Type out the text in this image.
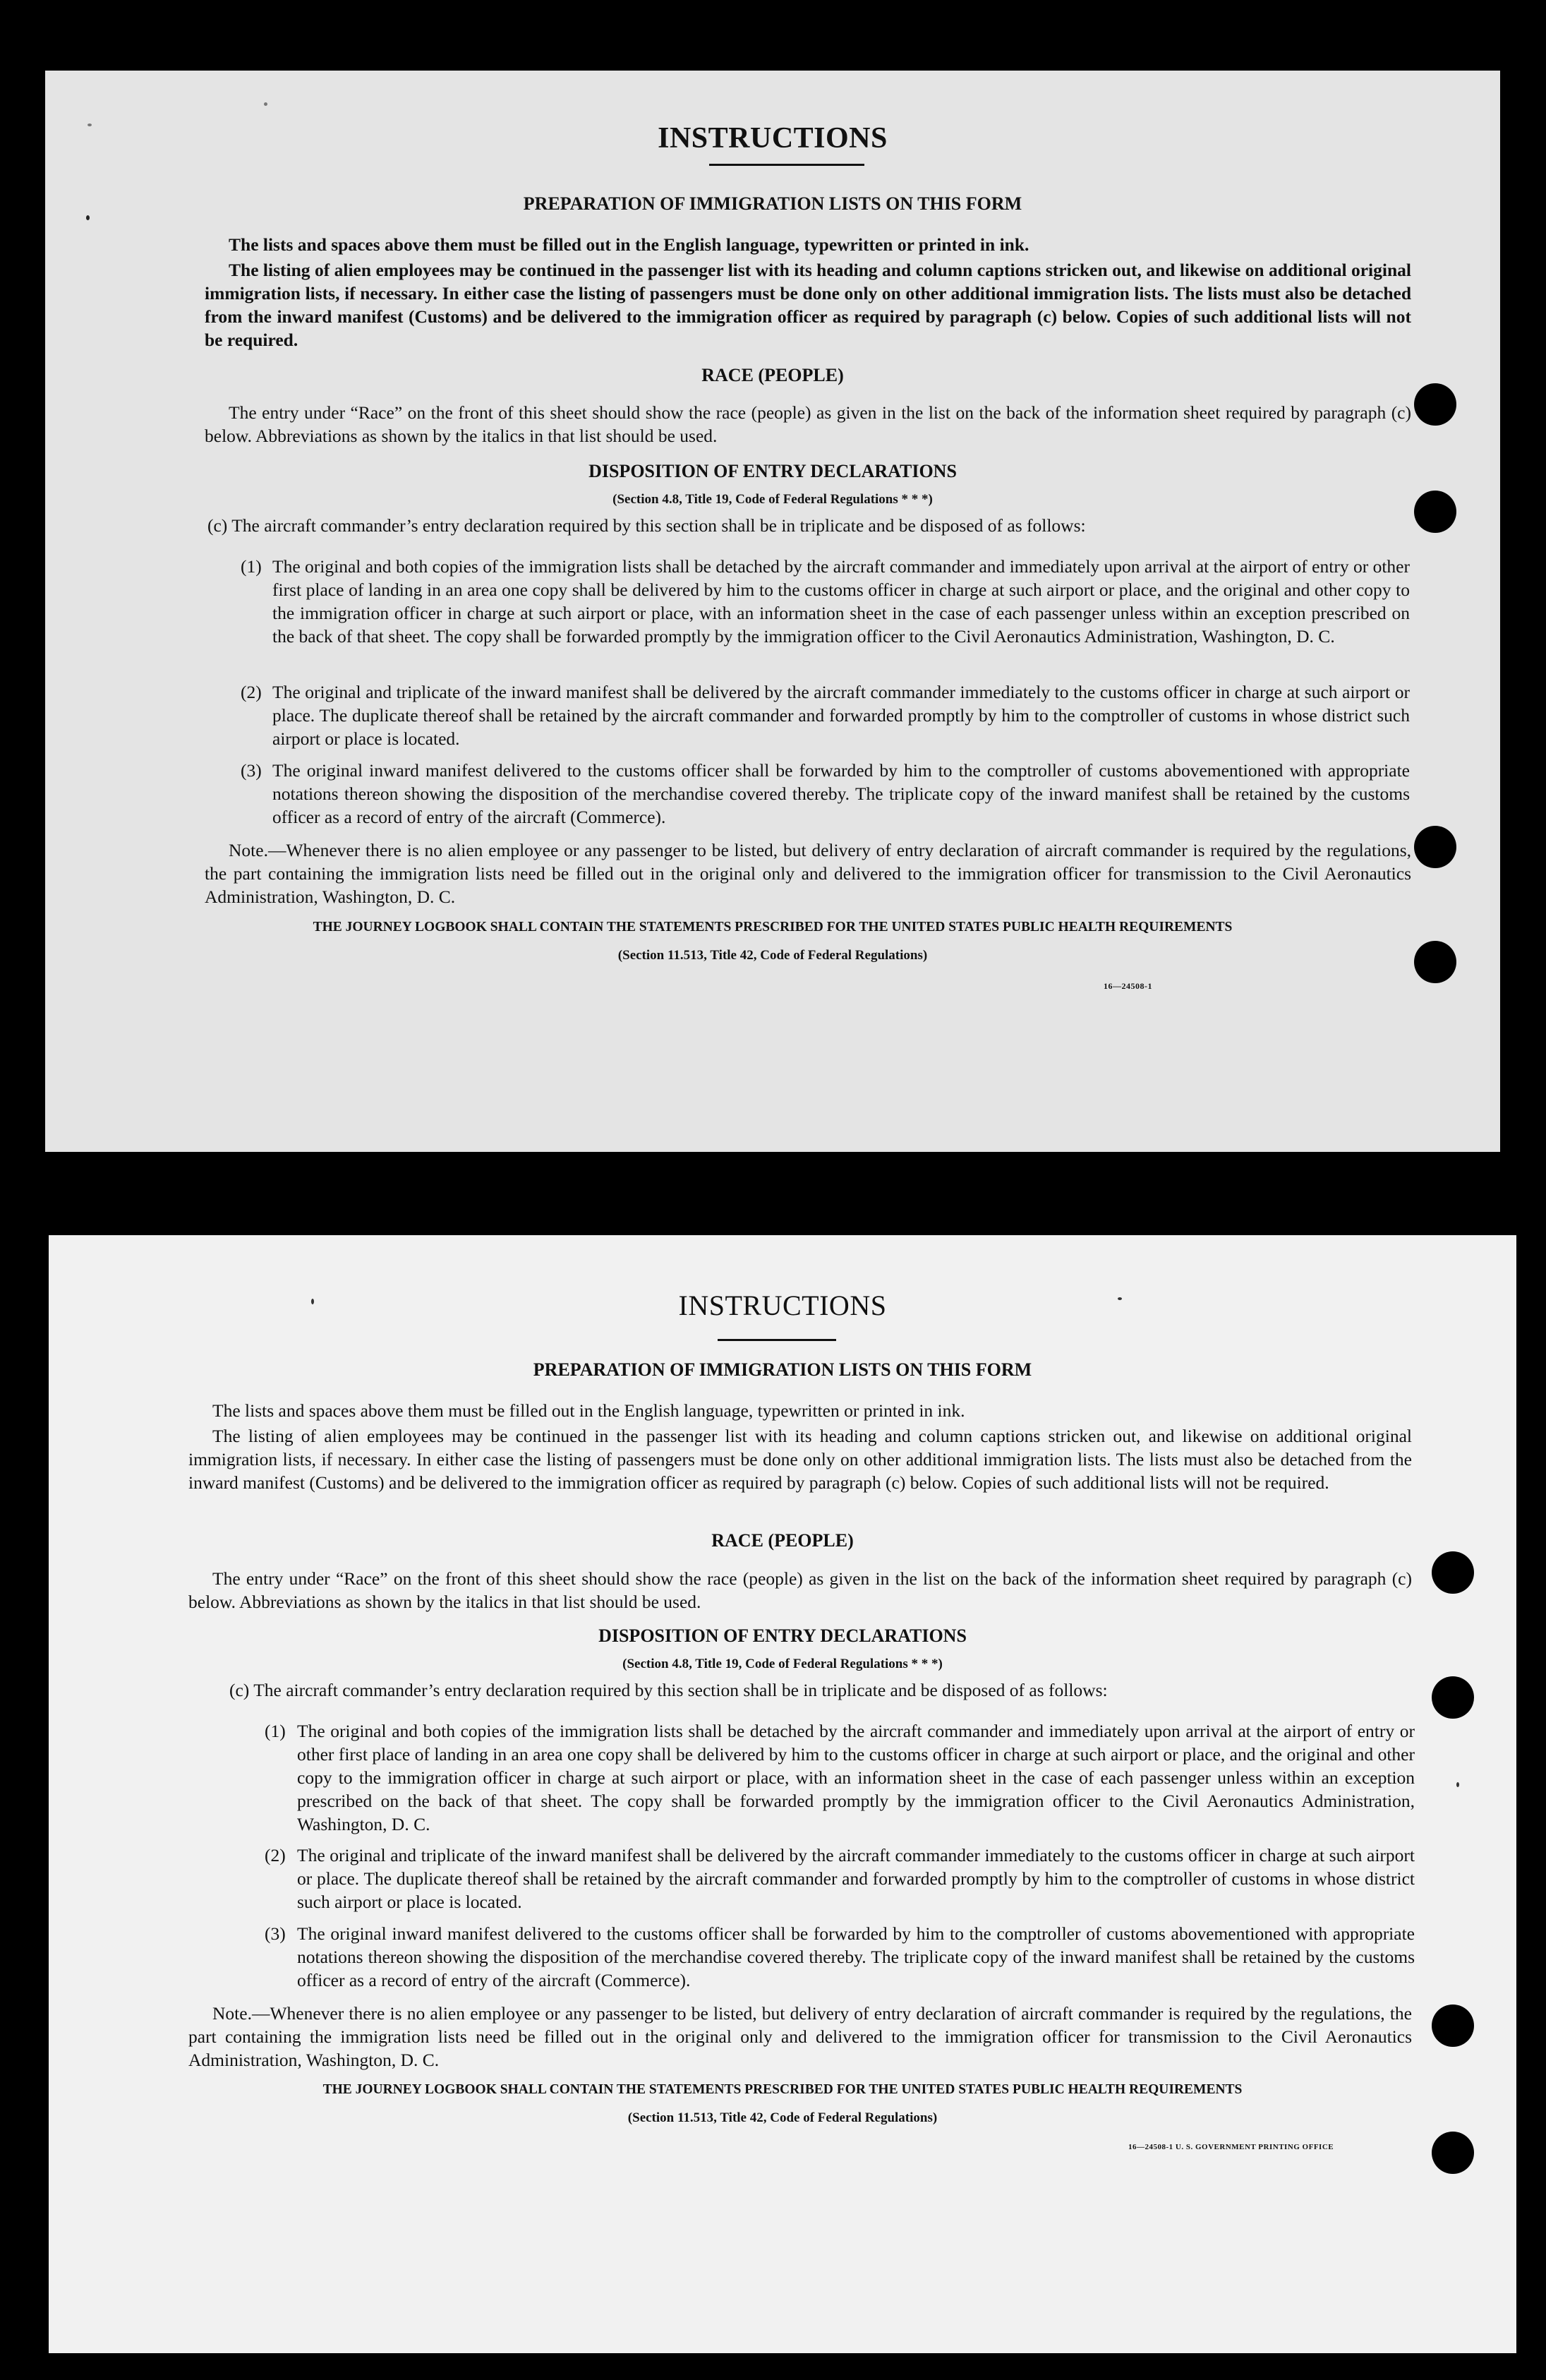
INSTRUCTIONS
PREPARATION OF IMMIGRATION LISTS ON THIS FORM

The lists and spaces above them must be filled out in the English language, typewritten or printed in ink.

The listing of alien employees may be continued in the passenger list with its heading and column captions stricken out, and likewise on additional original immigration lists, if necessary. In either case the listing of passengers must be done only on other additional immigration lists. The lists must also be detached from the inward manifest (Customs) and be delivered to the immigration officer as required by paragraph (c) below. Copies of such additional lists will not be required.

RACE (PEOPLE)

The entry under “Race” on the front of this sheet should show the race (people) as given in the list on the back of the information sheet required by paragraph (c) below. Abbreviations as shown by the italics in that list should be used.

DISPOSITION OF ENTRY DECLARATIONS
(Section 4.8, Title 19, Code of Federal Regulations * * *)

(c) The aircraft commander’s entry declaration required by this section shall be in triplicate and be disposed of as follows:

(1) The original and both copies of the immigration lists shall be detached by the aircraft commander and immediately upon arrival at the airport of entry or other first place of landing in an area one copy shall be delivered by him to the customs officer in charge at such airport or place, and the original and other copy to the immigration officer in charge at such airport or place, with an information sheet in the case of each passenger unless within an exception prescribed on the back of that sheet. The copy shall be forwarded promptly by the immigration officer to the Civil Aeronautics Administration, Washington, D. C.

(2) The original and triplicate of the inward manifest shall be delivered by the aircraft commander immediately to the customs officer in charge at such airport or place. The duplicate thereof shall be retained by the aircraft commander and forwarded promptly by him to the comptroller of customs in whose district such airport or place is located.

(3) The original inward manifest delivered to the customs officer shall be forwarded by him to the comptroller of customs abovementioned with appropriate notations thereon showing the disposition of the merchandise covered thereby. The triplicate copy of the inward manifest shall be retained by the customs officer as a record of entry of the aircraft (Commerce).

Note.—Whenever there is no alien employee or any passenger to be listed, but delivery of entry declaration of aircraft commander is required by the regulations, the part containing the immigration lists need be filled out in the original only and delivered to the immigration officer for transmission to the Civil Aeronautics Administration, Washington, D. C.

THE JOURNEY LOGBOOK SHALL CONTAIN THE STATEMENTS PRESCRIBED FOR THE UNITED STATES PUBLIC HEALTH REQUIREMENTS
(Section 11.513, Title 42, Code of Federal Regulations)
16—24508-1
INSTRUCTIONS
PREPARATION OF IMMIGRATION LISTS ON THIS FORM

The lists and spaces above them must be filled out in the English language, typewritten or printed in ink.

The listing of alien employees may be continued in the passenger list with its heading and column captions stricken out, and likewise on additional original immigration lists, if necessary. In either case the listing of passengers must be done only on other additional immigration lists. The lists must also be detached from the inward manifest (Customs) and be delivered to the immigration officer as required by paragraph (c) below. Copies of such additional lists will not be required.

RACE (PEOPLE)

The entry under “Race” on the front of this sheet should show the race (people) as given in the list on the back of the information sheet required by paragraph (c) below. Abbreviations as shown by the italics in that list should be used.

DISPOSITION OF ENTRY DECLARATIONS
(Section 4.8, Title 19, Code of Federal Regulations * * *)

(c) The aircraft commander’s entry declaration required by this section shall be in triplicate and be disposed of as follows:

(1) The original and both copies of the immigration lists shall be detached by the aircraft commander and immediately upon arrival at the airport of entry or other first place of landing in an area one copy shall be delivered by him to the customs officer in charge at such airport or place, and the original and other copy to the immigration officer in charge at such airport or place, with an information sheet in the case of each passenger unless within an exception prescribed on the back of that sheet. The copy shall be forwarded promptly by the immigration officer to the Civil Aeronautics Administration, Washington, D. C.

(2) The original and triplicate of the inward manifest shall be delivered by the aircraft commander immediately to the customs officer in charge at such airport or place. The duplicate thereof shall be retained by the aircraft commander and forwarded promptly by him to the comptroller of customs in whose district such airport or place is located.

(3) The original inward manifest delivered to the customs officer shall be forwarded by him to the comptroller of customs abovementioned with appropriate notations thereon showing the disposition of the merchandise covered thereby. The triplicate copy of the inward manifest shall be retained by the customs officer as a record of entry of the aircraft (Commerce).

Note.—Whenever there is no alien employee or any passenger to be listed, but delivery of entry declaration of aircraft commander is required by the regulations, the part containing the immigration lists need be filled out in the original only and delivered to the immigration officer for transmission to the Civil Aeronautics Administration, Washington, D. C.

THE JOURNEY LOGBOOK SHALL CONTAIN THE STATEMENTS PRESCRIBED FOR THE UNITED STATES PUBLIC HEALTH REQUIREMENTS
(Section 11.513, Title 42, Code of Federal Regulations)
16—24508-1 U. S. GOVERNMENT PRINTING OFFICE
